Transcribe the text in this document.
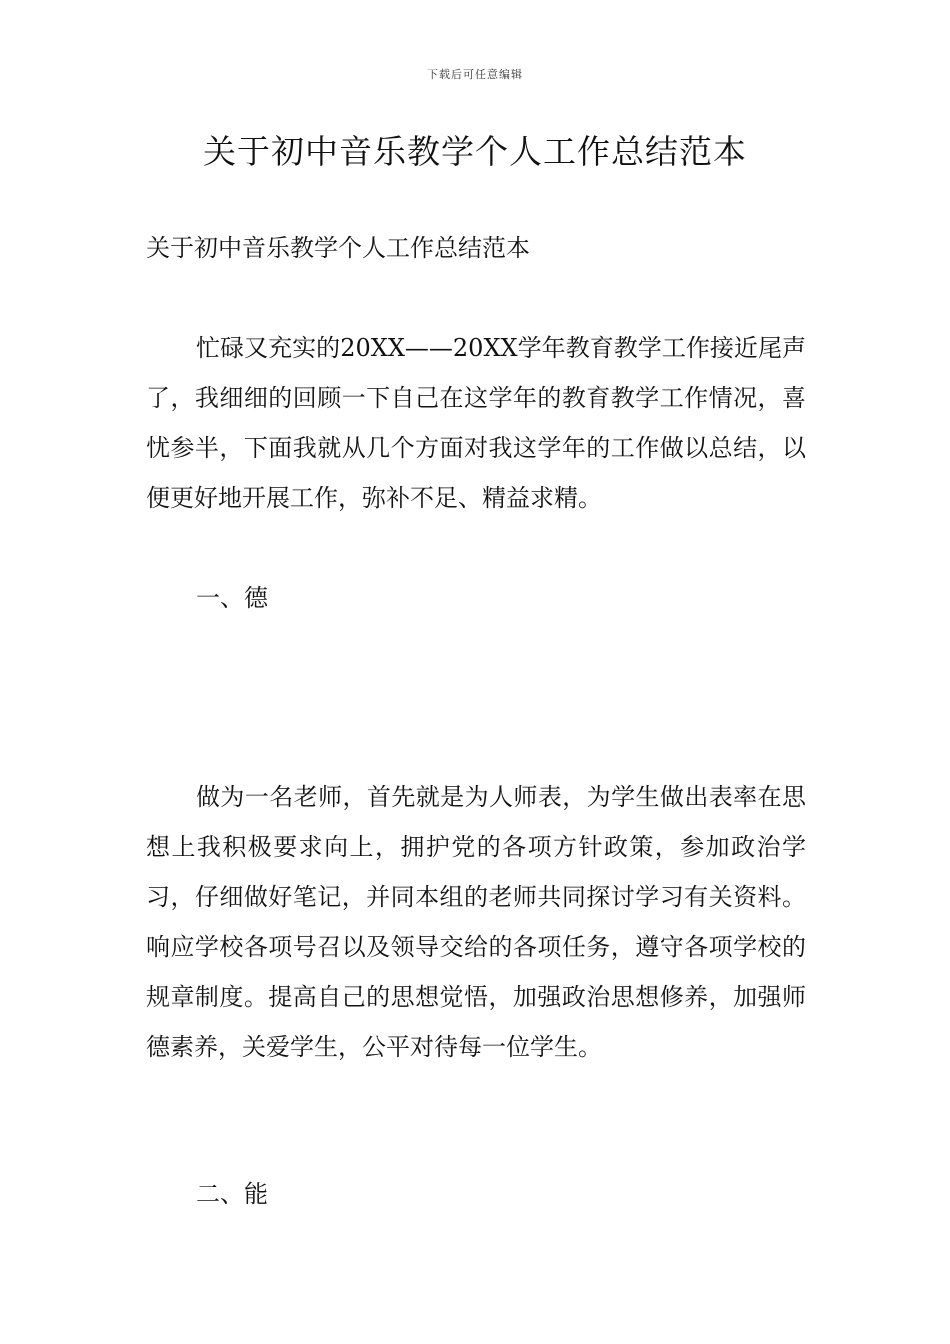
下载后可任意编辑
关于初中音乐教学个人工作总结范本

关于初中音乐教学个人工作总结范本

忙碌又充实的20XX——20XX学年教育教学工作接近尾声了，我细细的回顾一下自己在这学年的教育教学工作情况，喜忧参半，下面我就从几个方面对我这学年的工作做以总结，以便更好地开展工作，弥补不足、精益求精。

一、德

做为一名老师，首先就是为人师表，为学生做出表率在思想上我积极要求向上，拥护党的各项方针政策，参加政治学习，仔细做好笔记，并同本组的老师共同探讨学习有关资料。响应学校各项号召以及领导交给的各项任务，遵守各项学校的规章制度。提高自己的思想觉悟，加强政治思想修养，加强师德素养，关爱学生，公平对待每一位学生。

二、能
